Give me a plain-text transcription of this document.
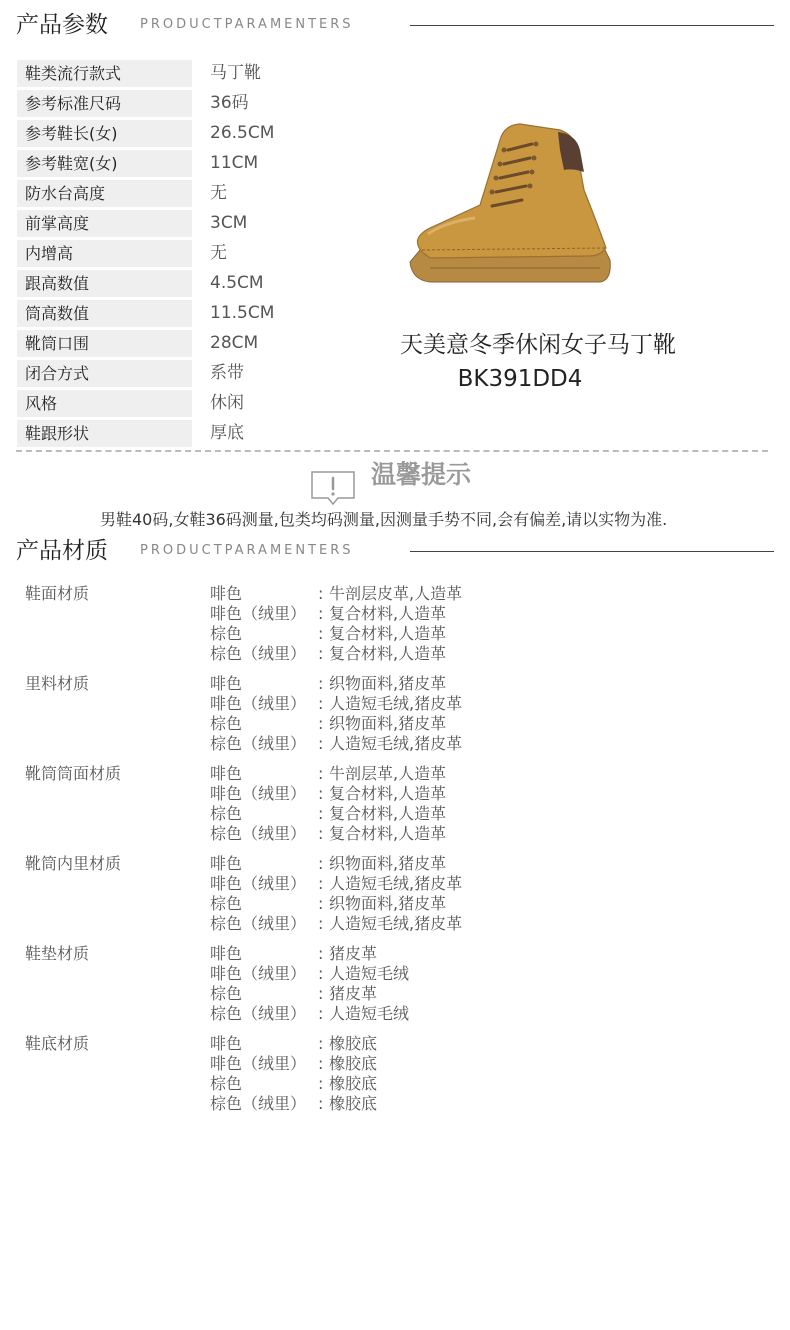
产品参数 PRODUCTPARAMENTERS
鞋类流行款式	马丁靴
参考标准尺码	36码
参考鞋长(女)	26.5CM
参考鞋宽(女)	11CM
防水台高度	无
前掌高度	3CM
内增高	无
跟高数值	4.5CM
筒高数值	11.5CM
靴筒口围	28CM
闭合方式	系带
风格	休闲
鞋跟形状	厚底
天美意冬季休闲女子马丁靴
BK391DD4
温馨提示
男鞋40码,女鞋36码测量,包类均码测量,因测量手势不同,会有偏差,请以实物为准.
产品材质 PRODUCTPARAMENTERS
鞋面材质	啡色	: 牛剖层皮革,人造革
啡色（绒里） : 复合材料,人造革
棕色	: 复合材料,人造革
棕色（绒里） : 复合材料,人造革
里料材质	啡色	: 织物面料,猪皮革
啡色（绒里） : 人造短毛绒,猪皮革
棕色	: 织物面料,猪皮革
棕色（绒里） : 人造短毛绒,猪皮革
靴筒筒面材质	啡色	: 牛剖层革,人造革
啡色（绒里） : 复合材料,人造革
棕色	: 复合材料,人造革
棕色（绒里） : 复合材料,人造革
靴筒内里材质	啡色	: 织物面料,猪皮革
啡色（绒里） : 人造短毛绒,猪皮革
棕色	: 织物面料,猪皮革
棕色（绒里） : 人造短毛绒,猪皮革
鞋垫材质	啡色	: 猪皮革
啡色（绒里） : 人造短毛绒
棕色	: 猪皮革
棕色（绒里） : 人造短毛绒
鞋底材质	啡色	: 橡胶底
啡色（绒里） : 橡胶底
棕色	: 橡胶底
棕色（绒里） : 橡胶底
